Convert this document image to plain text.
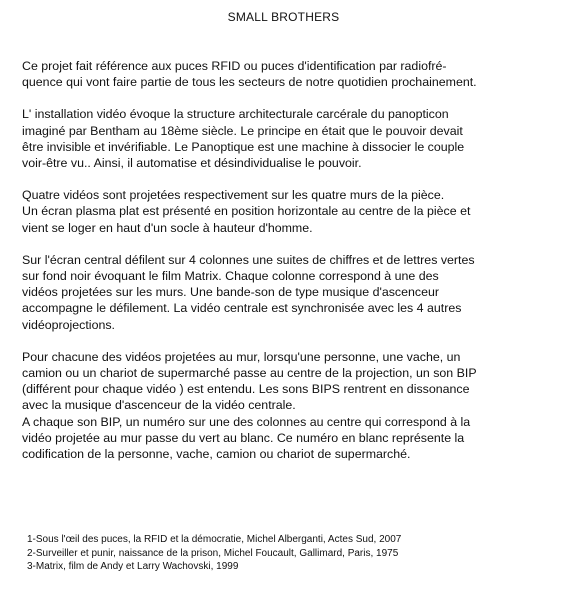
SMALL BROTHERS

Ce projet fait référence aux puces RFID ou puces d'identification par radiofré-
quence qui vont faire partie de tous les secteurs de notre quotidien prochainement.

L' installation vidéo évoque la structure architecturale carcérale du panopticon
imaginé par Bentham au 18ème siècle. Le principe en était que le pouvoir devait
être invisible et invérifiable. Le Panoptique est une machine à dissocier le couple
voir-être vu.. Ainsi, il automatise et désindividualise le pouvoir.

Quatre vidéos sont projetées respectivement sur les quatre murs de la pièce.
Un écran plasma plat est présenté en position horizontale au centre de la pièce et
vient se loger en haut d'un socle à hauteur d'homme.

Sur l'écran central défilent sur 4 colonnes une suites de chiffres et de lettres vertes
sur fond noir évoquant le film Matrix. Chaque colonne correspond à une des
vidéos projetées sur les murs. Une bande-son de type musique d'ascenceur
accompagne le défilement. La vidéo centrale est synchronisée avec les 4 autres
vidéoprojections.

Pour chacune des vidéos projetées au mur, lorsqu'une personne, une vache, un
camion ou un chariot de supermarché passe au centre de la projection, un son BIP
(différent pour chaque vidéo ) est entendu. Les sons BIPS rentrent en dissonance
avec la musique d'ascenceur de la vidéo centrale.
A chaque son BIP, un numéro sur une des colonnes au centre qui correspond à la
vidéo projetée au mur passe du vert au blanc. Ce numéro en blanc représente la
codification de la personne, vache, camion ou chariot de supermarché.

1-Sous l'œil des puces, la RFID et la démocratie, Michel Alberganti, Actes Sud, 2007
2-Surveiller et punir, naissance de la prison, Michel Foucault, Gallimard, Paris, 1975
3-Matrix, film de Andy et Larry Wachovski, 1999
